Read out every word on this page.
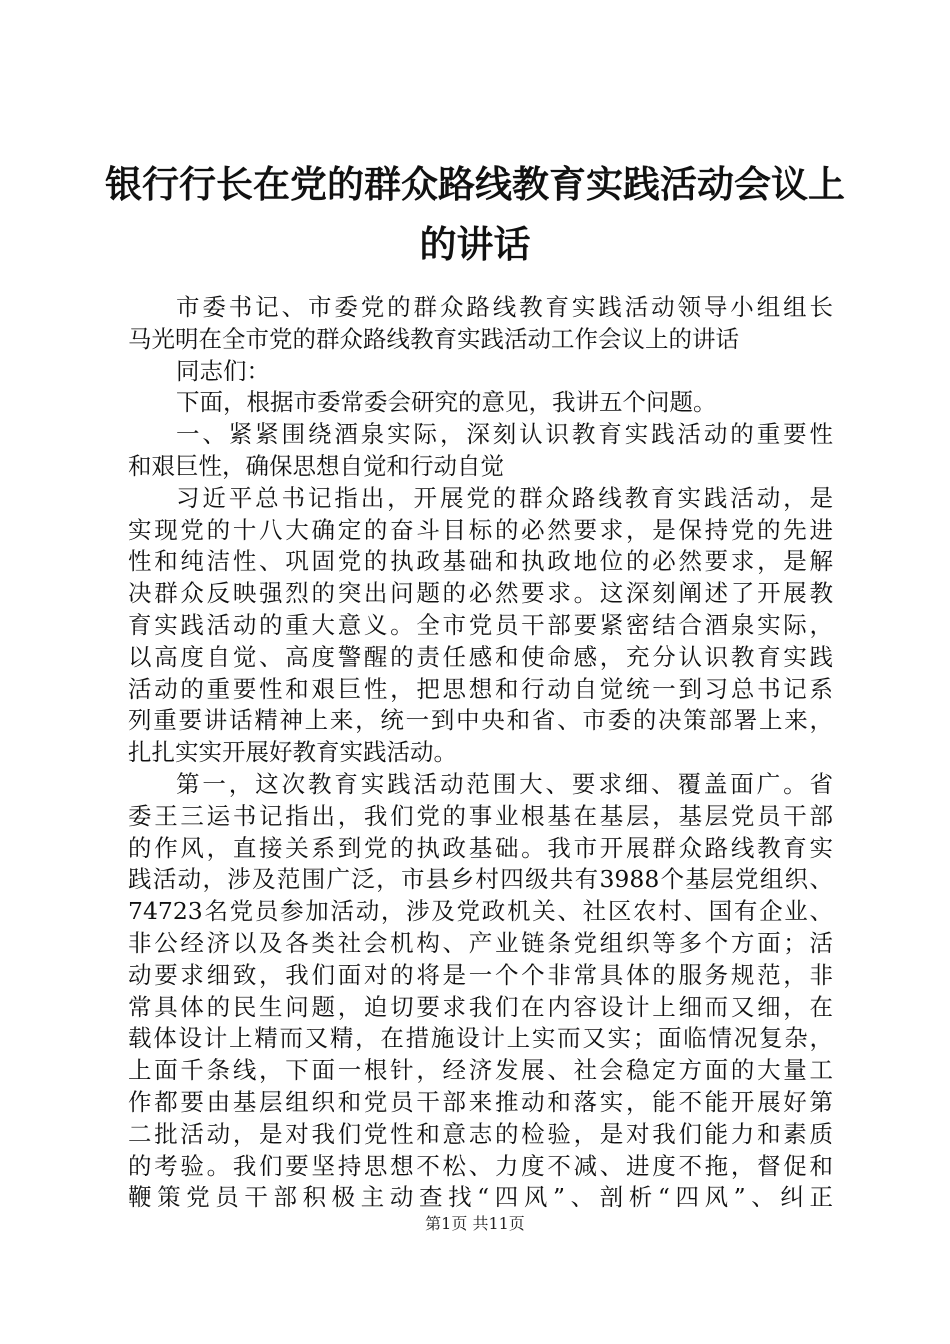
银行行长在党的群众路线教育实践活动会议上
的讲话
市委书记、市委党的群众路线教育实践活动领导小组组长
马光明在全市党的群众路线教育实践活动工作会议上的讲话
同志们：
下面，根据市委常委会研究的意见，我讲五个问题。
一、紧紧围绕酒泉实际，深刻认识教育实践活动的重要性
和艰巨性，确保思想自觉和行动自觉
习近平总书记指出，开展党的群众路线教育实践活动，是
实现党的十八大确定的奋斗目标的必然要求，是保持党的先进
性和纯洁性、巩固党的执政基础和执政地位的必然要求，是解
决群众反映强烈的突出问题的必然要求。这深刻阐述了开展教
育实践活动的重大意义。全市党员干部要紧密结合酒泉实际，
以高度自觉、高度警醒的责任感和使命感，充分认识教育实践
活动的重要性和艰巨性，把思想和行动自觉统一到习总书记系
列重要讲话精神上来，统一到中央和省、市委的决策部署上来，
扎扎实实开展好教育实践活动。
第一，这次教育实践活动范围大、要求细、覆盖面广。省
委王三运书记指出，我们党的事业根基在基层，基层党员干部
的作风，直接关系到党的执政基础。我市开展群众路线教育实
践活动，涉及范围广泛，市县乡村四级共有3988个基层党组织、
74723名党员参加活动，涉及党政机关、社区农村、国有企业、
非公经济以及各类社会机构、产业链条党组织等多个方面；活
动要求细致，我们面对的将是一个个非常具体的服务规范，非
常具体的民生问题，迫切要求我们在内容设计上细而又细，在
载体设计上精而又精，在措施设计上实而又实；面临情况复杂，
上面千条线，下面一根针，经济发展、社会稳定方面的大量工
作都要由基层组织和党员干部来推动和落实，能不能开展好第
二批活动，是对我们党性和意志的检验，是对我们能力和素质
的考验。我们要坚持思想不松、力度不减、进度不拖，督促和
鞭策党员干部积极主动查找“四风”、剖析“四风”、纠正
第1页 共11页
